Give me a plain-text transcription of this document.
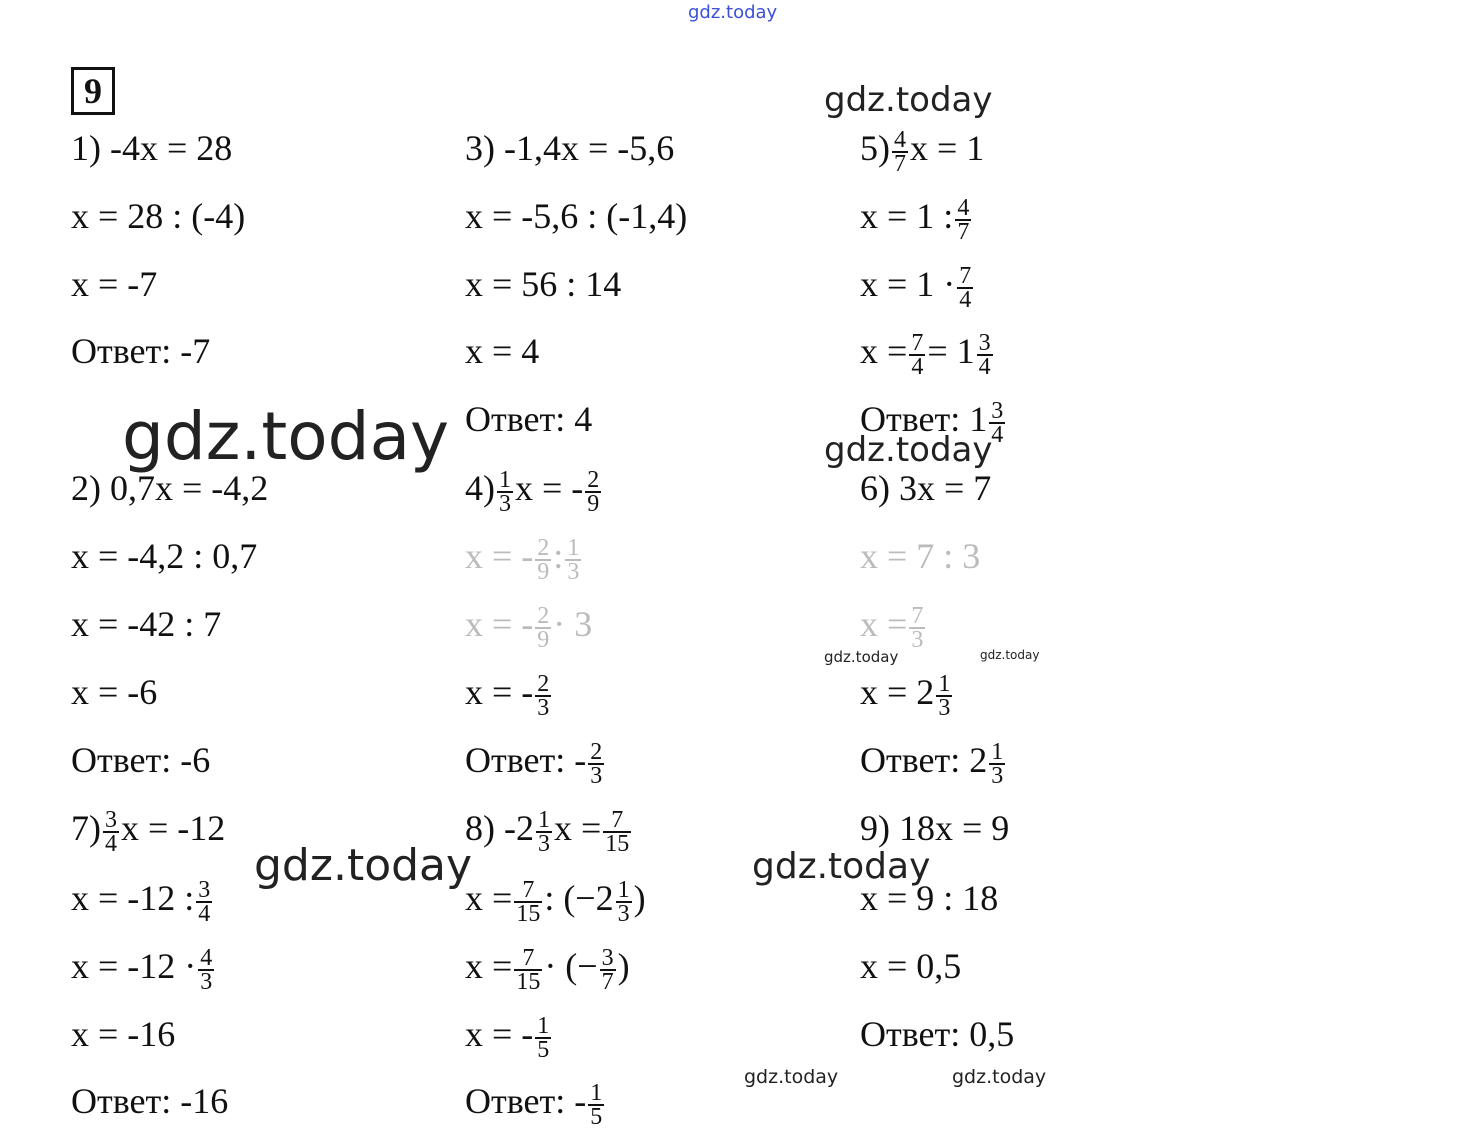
gdz.today
9	gdz.today
gdz.today	gdz.today
gdz.today	gdz.today
gdz.today	gdz.today
gdz.today	gdz.today
1) -4x = 28
x = 28 : (-4)
x = -7
Ответ: -7
2) 0,7x = -4,2
x = -4,2 : 0,7
x = -42 : 7
x = -6
Ответ: -6
$7) \frac{3}{4}$ x = -12
x = -12 : $\frac{3}{4}$
$x = -12 \cdot \frac{4}{3}$
x = -16
Ответ: -16
3) -1,4x = -5,6
x = -5,6 : (-1,4)
x = 56 : 14
x = 4
Ответ: 4
$4) \frac{1}{3}$ x = - $\frac{2}{9}$
x = - $\frac{2}{9}$ : $\frac{1}{3}$
x = - $\frac{2}{9} \cdot 3$
x = - $\frac{2}{3}$
Ответ: - $\frac{2}{3}$
8) $-2 \frac{1}{3}$ $x = \frac{7}{15}$
$x = \frac{7}{15}$ : ($-2 \frac{1}{3}$ )
$x = \frac{7}{15}$ · (− $\frac{3}{7}$ )
x = - $\frac{1}{5}$
Ответ: - $\frac{1}{5}$
$5) \frac{4}{7}$ x = 1
x = 1 : $\frac{4}{7}$
$x = 1 \cdot \frac{7}{4}$
$x = \frac{7}{4} = 1 \frac{3}{4}$
Ответ: $1 \frac{3}{4}$
6) 3x = 7
x = 7 : 3
$x = \frac{7}{3}$
$x = 2 \frac{1}{3}$
Ответ: $2 \frac{1}{3}$
9) 18x = 9
x = 9 : 18
x = 0,5
Ответ: 0,5
